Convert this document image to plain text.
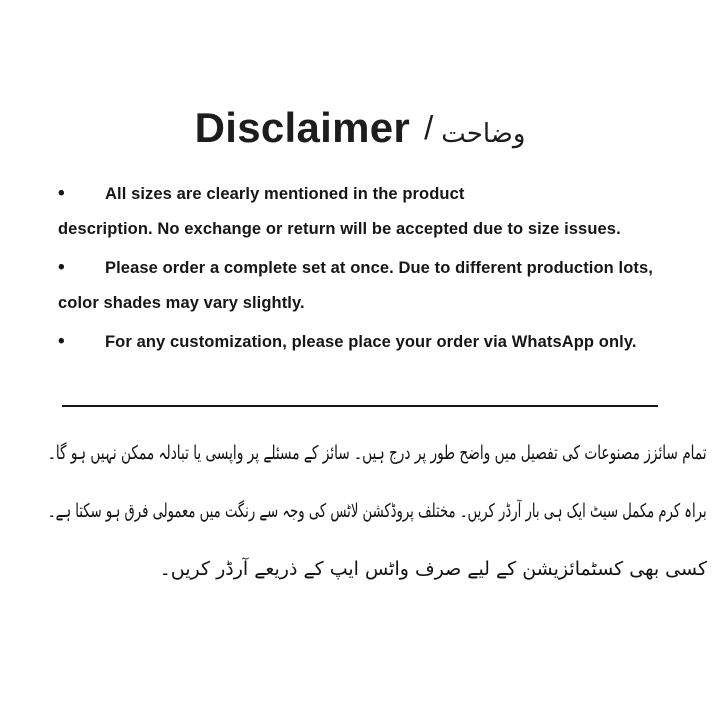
Disclaimer / وضاحت
• All sizes are clearly mentioned in the product
description. No exchange or return will be accepted due to size issues.
• Please order a complete set at once. Due to different production lots,
color shades may vary slightly.
• For any customization, please place your order via WhatsApp only.
تمام سائزز مصنوعات کی تفصیل میں واضح طور پر درج ہیں۔ سائز کے مسئلے پر واپسی یا تبادلہ ممکن نہیں ہو گا۔
براہ کرم مکمل سیٹ ایک ہی بار آرڈر کریں۔ مختلف پروڈکشن لاٹس کی وجہ سے رنگت میں معمولی فرق ہو سکتا ہے۔
کسی بھی کسٹمائزیشن کے لیے صرف واٹس ایپ کے ذریعے آرڈر کریں۔
